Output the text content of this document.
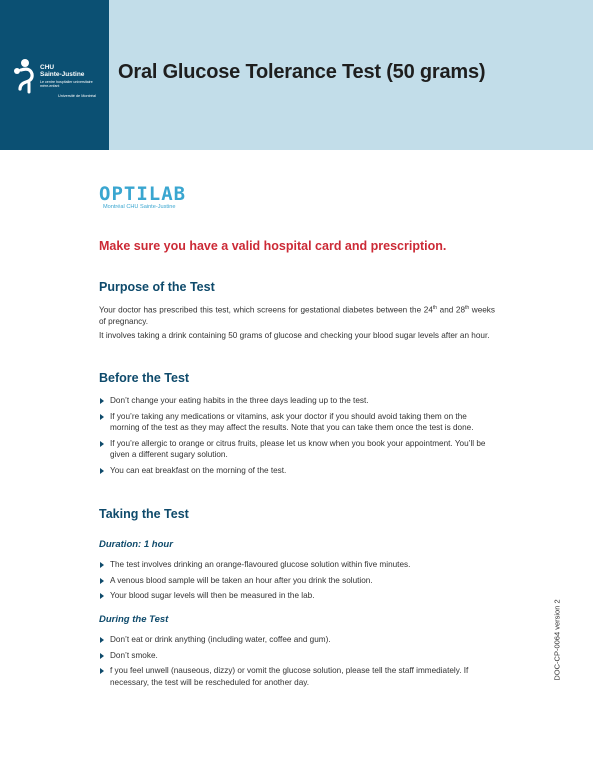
CHU
Sainte-Justine
Le centre hospitalier universitaire mère-enfant
Université de Montréal
Oral Glucose Tolerance Test (50 grams)
OPTILAB
Montréal CHU Sainte-Justine

Make sure you have a valid hospital card and prescription.

Purpose of the Test

Your doctor has prescribed this test, which screens for gestational diabetes between the 24th and 28th weeks of pregnancy.

It involves taking a drink containing 50 grams of glucose and checking your blood sugar levels after an hour.

Before the Test
Don’t change your eating habits in the three days leading up to the test.
If you’re taking any medications or vitamins, ask your doctor if you should avoid taking them on the morning of the test as they may affect the results. Note that you can take them once the test is done.
If you’re allergic to orange or citrus fruits, please let us know when you book your appointment. You’ll be given a different sugary solution.
You can eat breakfast on the morning of the test.
Taking the Test
Duration: 1 hour
The test involves drinking an orange-flavoured glucose solution within five minutes.
A venous blood sample will be taken an hour after you drink the solution.
Your blood sugar levels will then be measured in the lab.
During the Test
Don’t eat or drink anything (including water, coffee and gum).
Don’t smoke.
f you feel unwell (nauseous, dizzy) or vomit the glucose solution, please tell the staff immediately. If necessary, the test will be rescheduled for another day.
DOC-CP-0064 version 2
